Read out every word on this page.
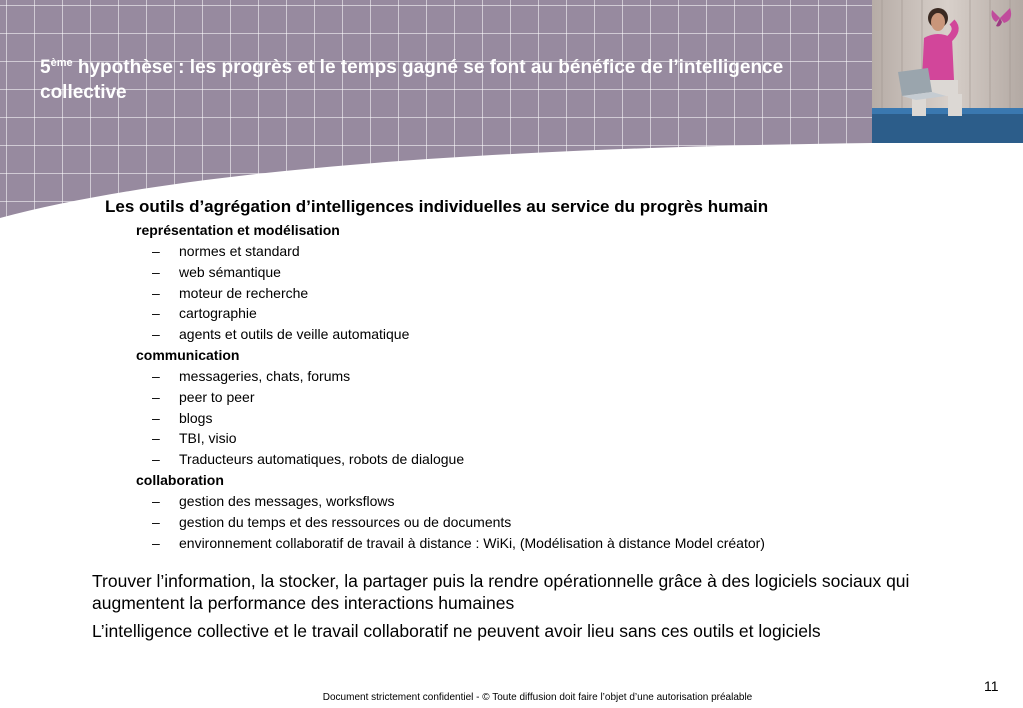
5ème hypothèse : les progrès et le temps gagné se font au bénéfice de l’intelligence collective
Les outils d’agrégation d’intelligences individuelles au service du progrès humain
représentation et modélisation
– normes et standard
– web sémantique
– moteur de recherche
– cartographie
– agents et outils de veille automatique
communication
– messageries, chats, forums
– peer to peer
– blogs
– TBI, visio
– Traducteurs automatiques, robots de dialogue
collaboration
– gestion des messages, worksflows
– gestion du temps et des ressources ou de documents
– environnement collaboratif de travail à distance : WiKi, (Modélisation à distance Model créator)

Trouver l’information, la stocker, la partager puis la rendre opérationnelle grâce à des logiciels sociaux qui augmentent la performance des interactions humaines

L’intelligence collective et le travail collaboratif ne peuvent avoir lieu sans ces outils et logiciels

Document strictement confidentiel - © Toute diffusion doit faire l’objet d’une autorisation préalable
11
